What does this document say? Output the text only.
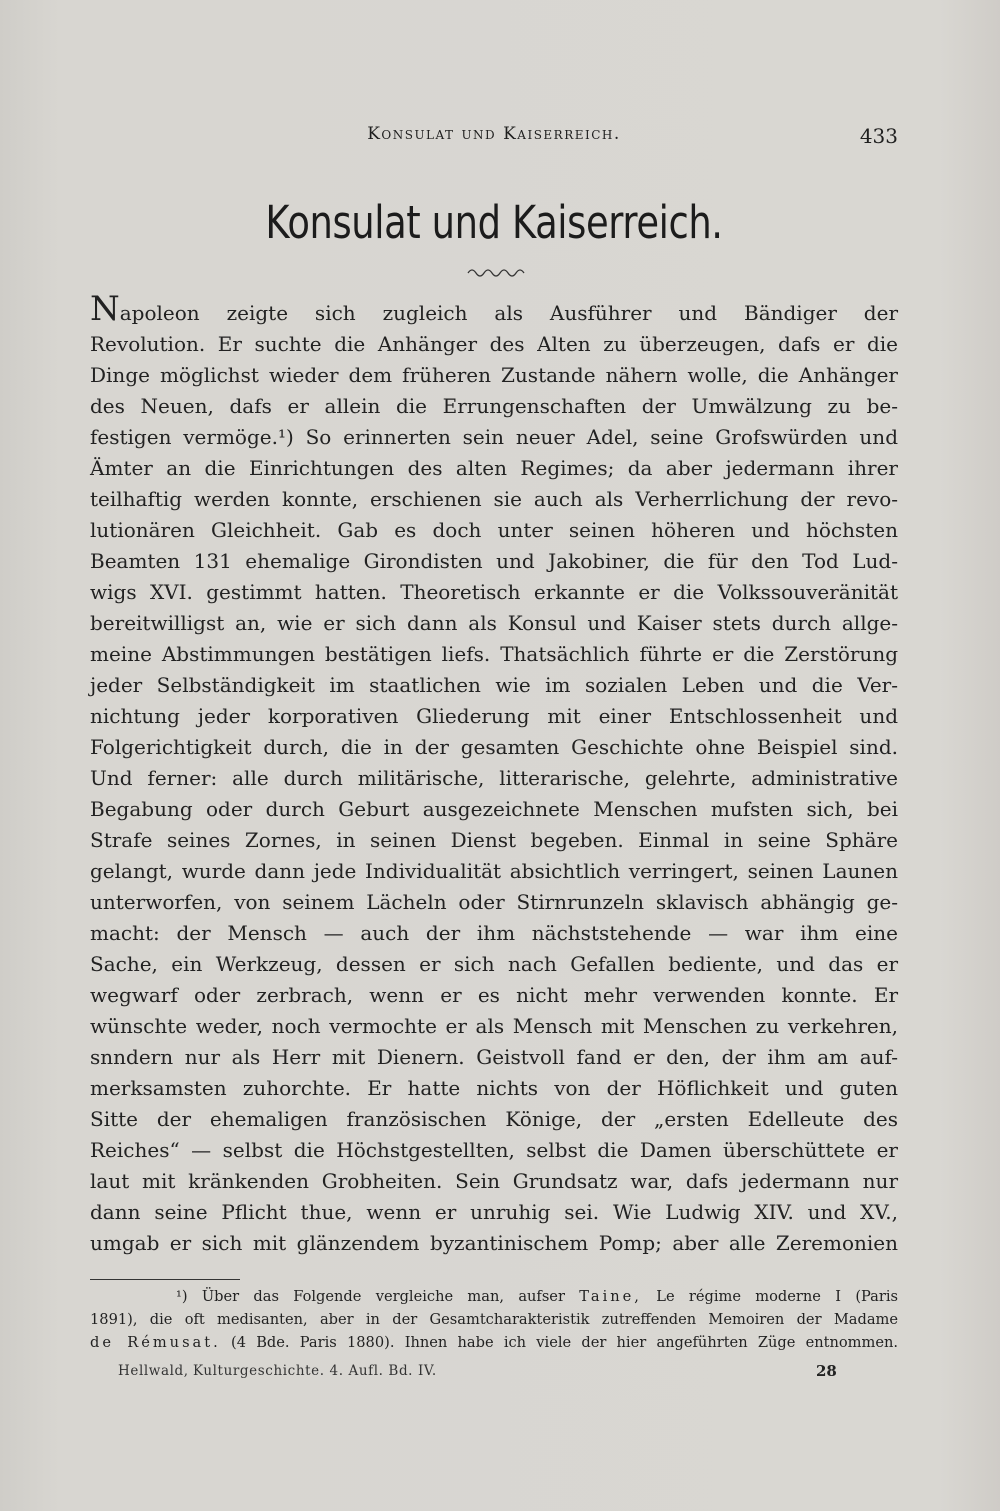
Konsulat und Kaiserreich.	433
Konsulat und Kaiserreich.
Napoleon zeigte sich zugleich als Ausführer und Bändiger der
Revolution. Er suchte die Anhänger des Alten zu überzeugen, dafs er die
Dinge möglichst wieder dem früheren Zustande nähern wolle, die Anhänger
des Neuen, dafs er allein die Errungenschaften der Umwälzung zu be-
festigen vermöge.¹) So erinnerten sein neuer Adel, seine Grofswürden und
Ämter an die Einrichtungen des alten Regimes; da aber jedermann ihrer
teilhaftig werden konnte, erschienen sie auch als Verherrlichung der revo-
lutionären Gleichheit. Gab es doch unter seinen höheren und höchsten
Beamten 131 ehemalige Girondisten und Jakobiner, die für den Tod Lud-
wigs XVI. gestimmt hatten. Theoretisch erkannte er die Volkssouveränität
bereitwilligst an, wie er sich dann als Konsul und Kaiser stets durch allge-
meine Abstimmungen bestätigen liefs. Thatsächlich führte er die Zerstörung
jeder Selbständigkeit im staatlichen wie im sozialen Leben und die Ver-
nichtung jeder korporativen Gliederung mit einer Entschlossenheit und
Folgerichtigkeit durch, die in der gesamten Geschichte ohne Beispiel sind.
Und ferner: alle durch militärische, litterarische, gelehrte, administrative
Begabung oder durch Geburt ausgezeichnete Menschen mufsten sich, bei
Strafe seines Zornes, in seinen Dienst begeben. Einmal in seine Sphäre
gelangt, wurde dann jede Individualität absichtlich verringert, seinen Launen
unterworfen, von seinem Lächeln oder Stirnrunzeln sklavisch abhängig ge-
macht: der Mensch — auch der ihm nächststehende — war ihm eine
Sache, ein Werkzeug, dessen er sich nach Gefallen bediente, und das er
wegwarf oder zerbrach, wenn er es nicht mehr verwenden konnte. Er
wünschte weder, noch vermochte er als Mensch mit Menschen zu verkehren,
snndern nur als Herr mit Dienern. Geistvoll fand er den, der ihm am auf-
merksamsten zuhorchte. Er hatte nichts von der Höflichkeit und guten
Sitte der ehemaligen französischen Könige, der „ersten Edelleute des
Reiches“ — selbst die Höchstgestellten, selbst die Damen überschüttete er
laut mit kränkenden Grobheiten. Sein Grundsatz war, dafs jedermann nur
dann seine Pflicht thue, wenn er unruhig sei. Wie Ludwig XIV. und XV.,
umgab er sich mit glänzendem byzantinischem Pomp; aber alle Zeremonien
¹) Über das Folgende vergleiche man, aufser Taine, Le régime moderne I (Paris
1891), die oft medisanten, aber in der Gesamtcharakteristik zutreffenden Memoiren der Madame
de Rémusat. (4 Bde. Paris 1880). Ihnen habe ich viele der hier angeführten Züge entnommen.
Hellwald, Kulturgeschichte. 4. Aufl. Bd. IV.	28
